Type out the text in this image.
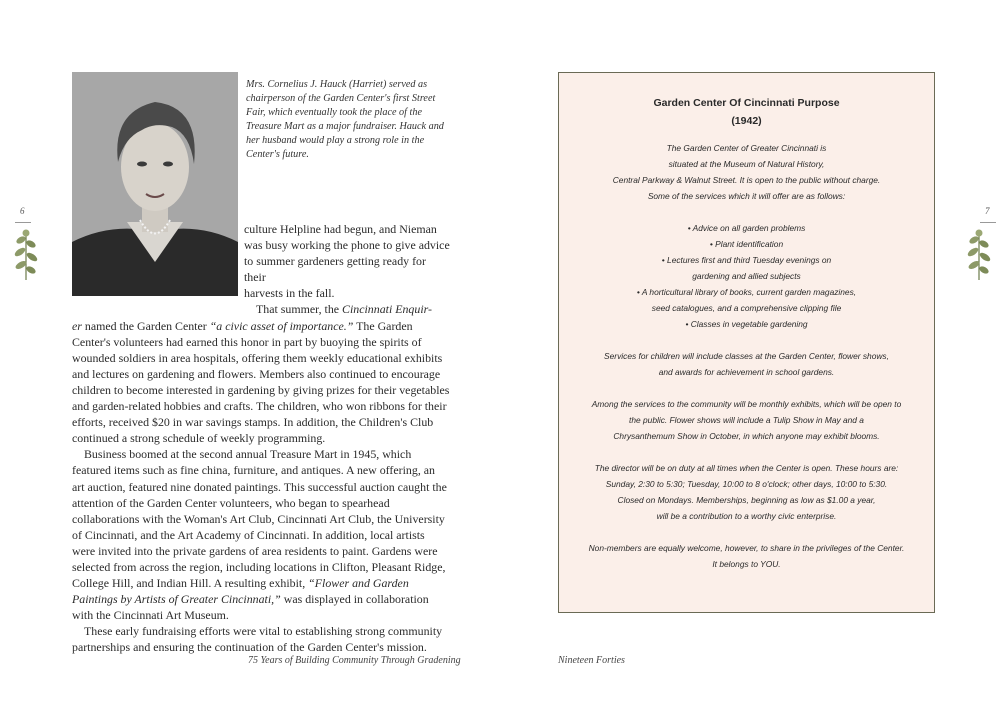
6
Mrs. Cornelius J. Hauck (Harriet) served as chairperson of the Garden Center's first Street Fair, which eventually took the place of the Treasure Mart as a major fundraiser. Hauck and her husband would play a strong role in the Center's future.

culture Helpline had begun, and Nieman

was busy working the phone to give advice

to summer gardeners getting ready for their

harvests in the fall.

That summer, the Cincinnati Enquir-

er named the Garden Center “a civic asset of importance.” The Garden Center's volunteers had earned this honor in part by buoying the spirits of wounded soldiers in area hospitals, offering them weekly educational exhibits and lectures on gardening and flowers. Members also continued to encourage children to become interested in gardening by giving prizes for their vegetables and garden-related hobbies and crafts. The children, who won ribbons for their efforts, received $20 in war savings stamps. In addition, the Children's Club continued a strong schedule of weekly programming.

Business boomed at the second annual Treasure Mart in 1945, which featured items such as fine china, furniture, and antiques. A new offering, an art auction, featured nine donated paintings. This successful auction caught the attention of the Garden Center volunteers, who began to spearhead collaborations with the Woman's Art Club, Cincinnati Art Club, the University of Cincinnati, and the Art Academy of Cincinnati. In addition, local artists were invited into the private gardens of area residents to paint. Gardens were selected from across the region, including locations in Clifton, Pleasant Ridge, College Hill, and Indian Hill. A resulting exhibit, “Flower and Garden Paintings by Artists of Greater Cincinnati,” was displayed in collaboration with the Cincinnati Art Museum.

These early fundraising efforts were vital to establishing strong community partnerships and ensuring the continuation of the Garden Center's mission.

75 Years of Building Community Through Gradening
7
Nineteen Forties
Garden Center Of Cincinnati Purpose
(1942)
The Garden Center of Greater Cincinnati is
situated at the Museum of Natural History,
Central Parkway & Walnut Street. It is open to the public without charge.
Some of the services which it will offer are as follows:
• Advice on all garden problems
• Plant identification
• Lectures first and third Tuesday evenings on
gardening and allied subjects
• A horticultural library of books, current garden magazines,
seed catalogues, and a comprehensive clipping file
• Classes in vegetable gardening
Services for children will include classes at the Garden Center, flower shows,
and awards for achievement in school gardens.
Among the services to the community will be monthly exhibits, which will be open to
the public. Flower shows will include a Tulip Show in May and a
Chrysanthemum Show in October, in which anyone may exhibit blooms.
The director will be on duty at all times when the Center is open. These hours are:
Sunday, 2:30 to 5:30; Tuesday, 10:00 to 8 o'clock; other days, 10:00 to 5:30.
Closed on Mondays. Memberships, beginning as low as $1.00 a year,
will be a contribution to a worthy civic enterprise.
Non-members are equally welcome, however, to share in the privileges of the Center.
It belongs to YOU.
